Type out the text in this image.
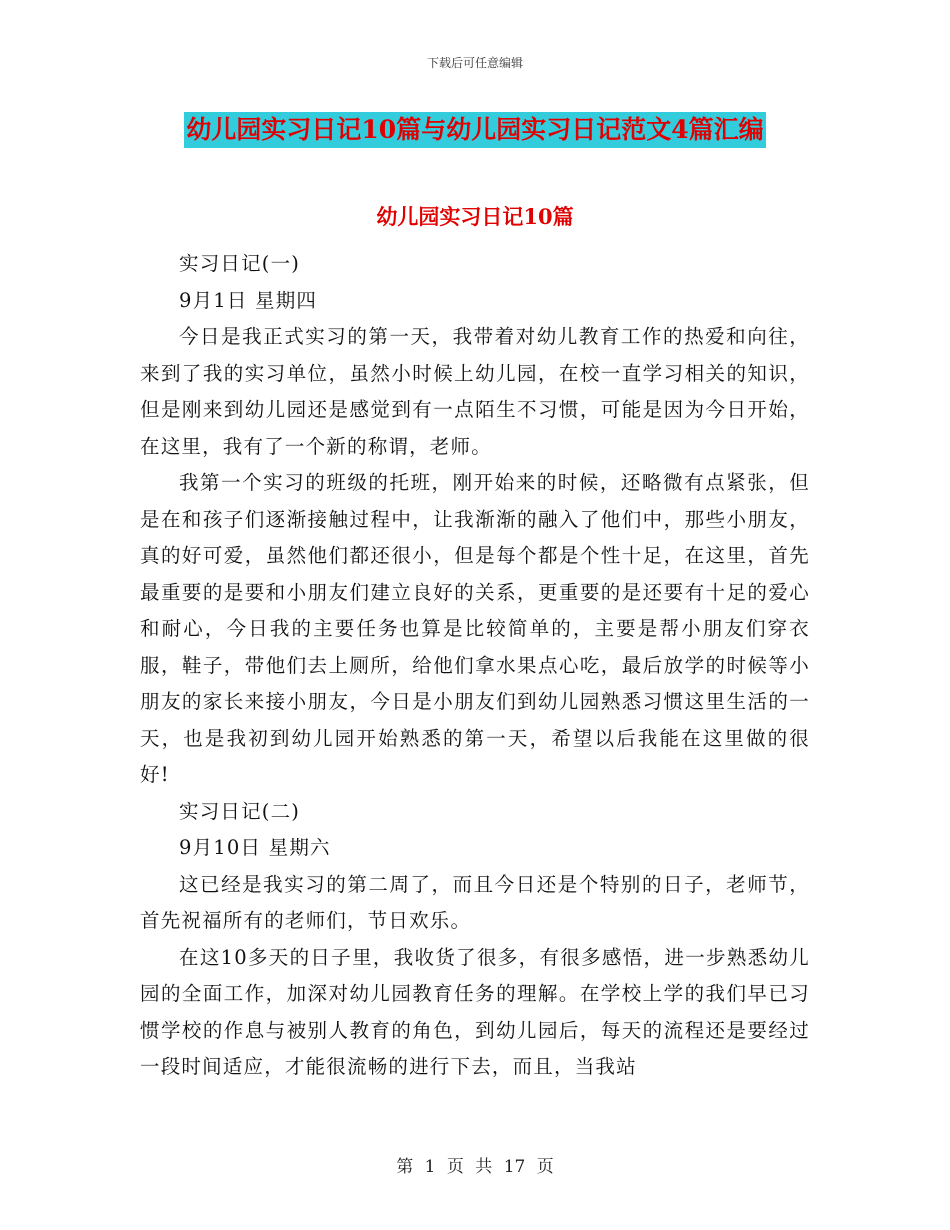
下载后可任意编辑
幼儿园实习日记10篇与幼儿园实习日记范文4篇汇编
幼儿园实习日记10篇

实习日记(一)

9月1日 星期四

今日是我正式实习的第一天，我带着对幼儿教育工作的热爱和向往，来到了我的实习单位，虽然小时候上幼儿园，在校一直学习相关的知识，但是刚来到幼儿园还是感觉到有一点陌生不习惯，可能是因为今日开始，在这里，我有了一个新的称谓，老师。

我第一个实习的班级的托班，刚开始来的时候，还略微有点紧张，但是在和孩子们逐渐接触过程中，让我渐渐的融入了他们中，那些小朋友，真的好可爱，虽然他们都还很小，但是每个都是个性十足，在这里，首先最重要的是要和小朋友们建立良好的关系，更重要的是还要有十足的爱心和耐心，今日我的主要任务也算是比较简单的，主要是帮小朋友们穿衣服，鞋子，带他们去上厕所，给他们拿水果点心吃，最后放学的时候等小朋友的家长来接小朋友，今日是小朋友们到幼儿园熟悉习惯这里生活的一天，也是我初到幼儿园开始熟悉的第一天，希望以后我能在这里做的很好!

实习日记(二)

9月10日 星期六

这已经是我实习的第二周了，而且今日还是个特别的日子，老师节，首先祝福所有的老师们，节日欢乐。

在这10多天的日子里，我收货了很多，有很多感悟，进一步熟悉幼儿园的全面工作，加深对幼儿园教育任务的理解。在学校上学的我们早已习惯学校的作息与被别人教育的角色，到幼儿园后，每天的流程还是要经过一段时间适应，才能很流畅的进行下去，而且，当我站

第 1 页 共 17 页
